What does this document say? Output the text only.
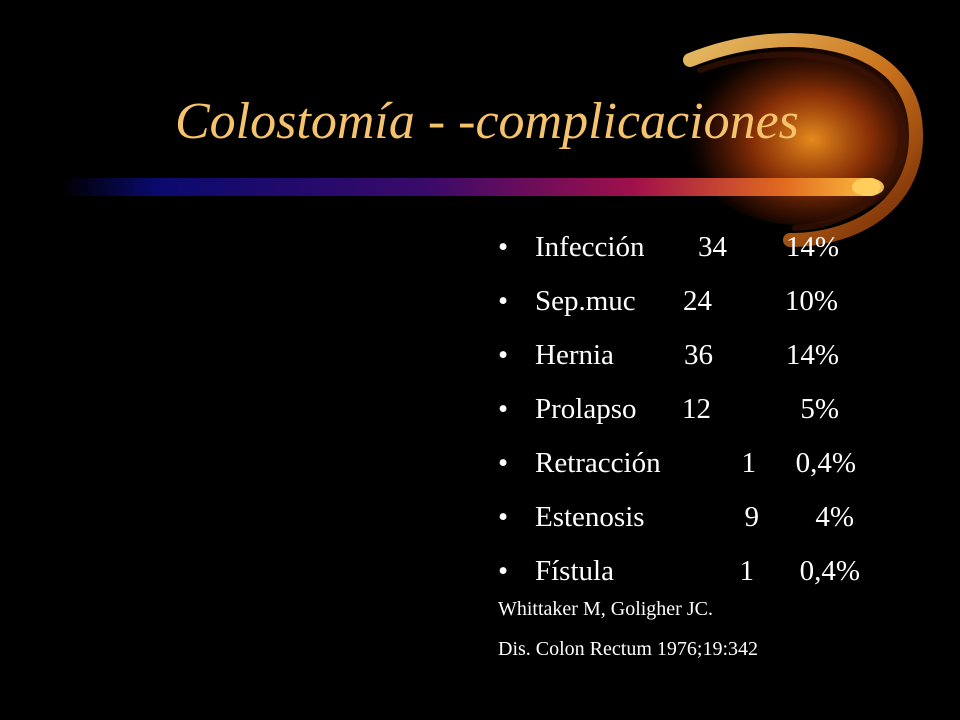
Colostomía - -complicaciones
• Infección	34	14%
• Sep.muc	24	10%
• Hernia	36	14%
• Prolapso	12	5%
• Retracción	1	0,4%
• Estenosis	9	4%
• Fístula	1	0,4%
Whittaker M, Goligher JC.
Dis. Colon Rectum 1976;19:342
